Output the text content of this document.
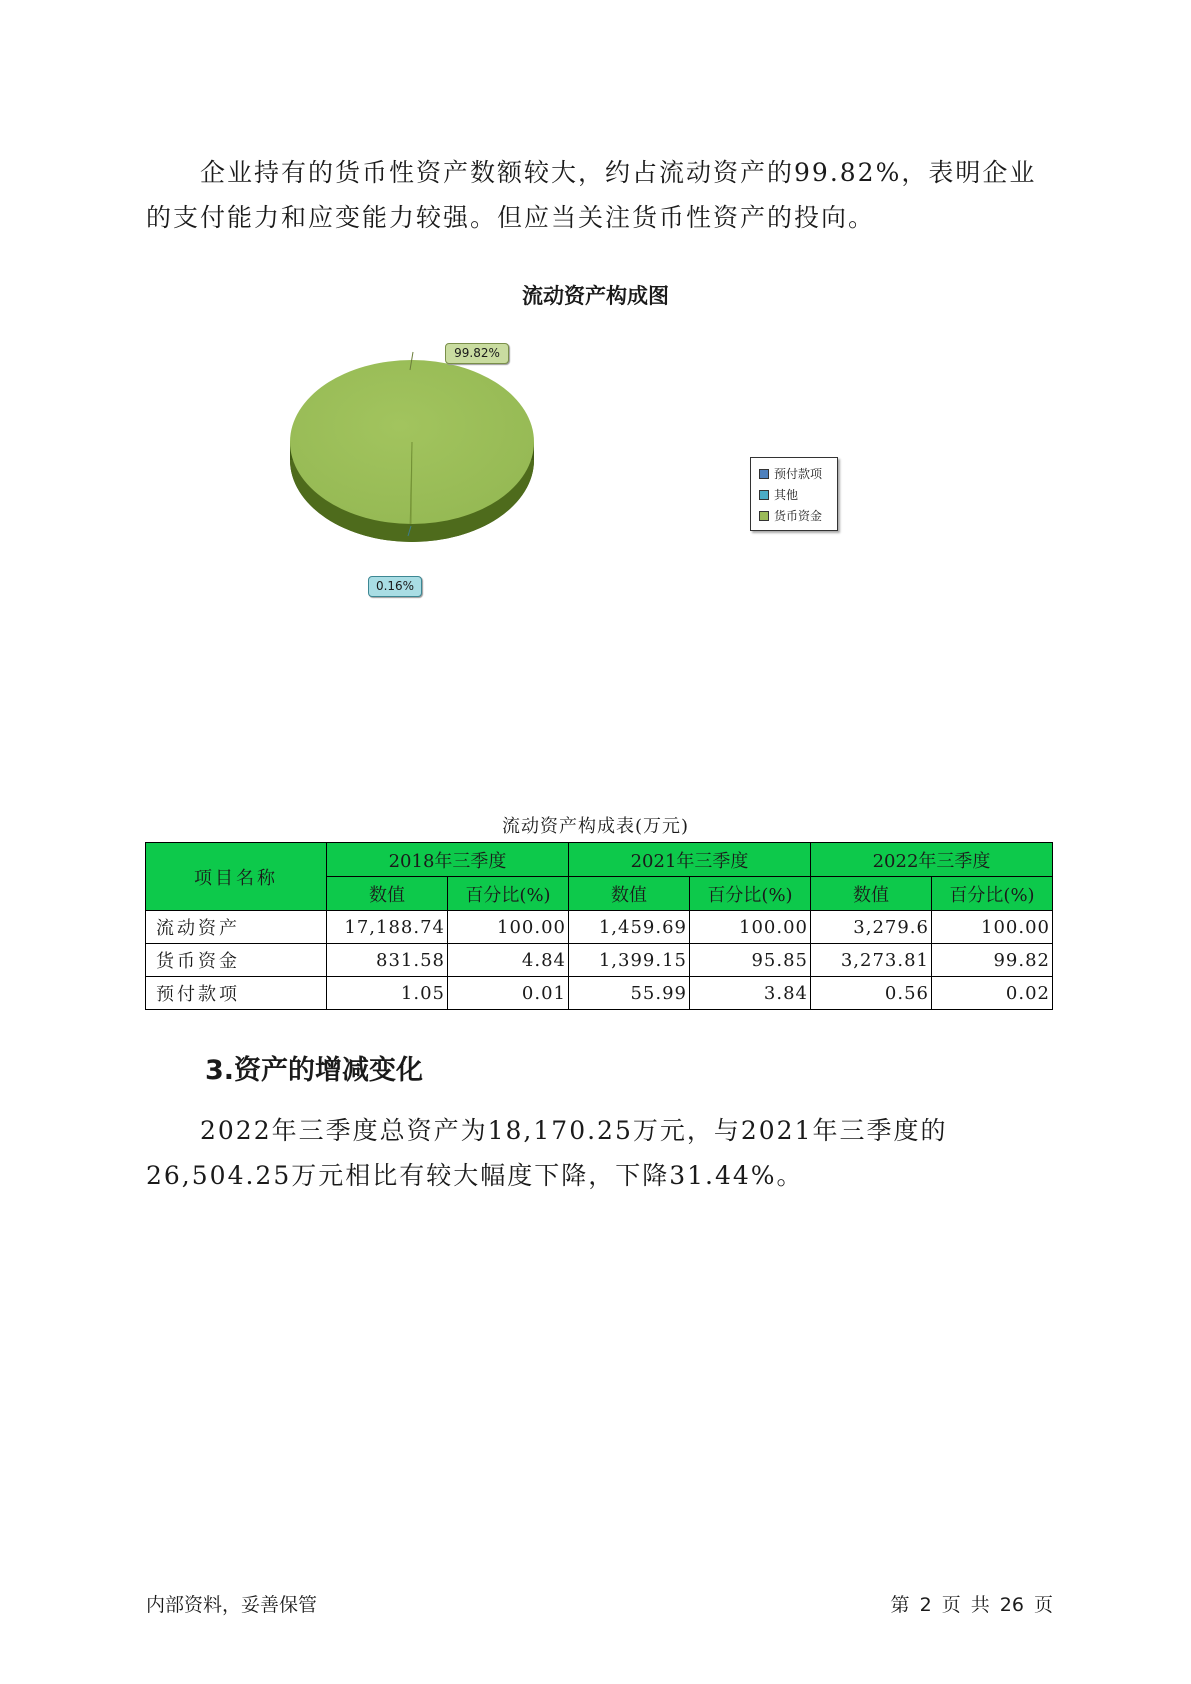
企业持有的货币性资产数额较大，约占流动资产的99.82%，表明企业的支付能力和应变能力较强。但应当关注货币性资产的投向。

流动资产构成图
99.82%
0.16%
预付款项
其他
货币资金
流动资产构成表(万元)
项目名称	2018年三季度		2021年三季度		2022年三季度	
	数值	百分比(%)	数值	百分比(%)	数值	百分比(%)
流动资产	17,188.74	100.00	1,459.69	100.00	3,279.6	100.00
货币资金	831.58	4.84	1,399.15	95.85	3,273.81	99.82
预付款项	1.05	0.01	55.99	3.84	0.56	0.02
3.资产的增减变化

2022年三季度总资产为18,170.25万元，与2021年三季度的26,504.25万元相比有较大幅度下降，下降31.44%。

内部资料，妥善保管	第 2 页 共 26 页
